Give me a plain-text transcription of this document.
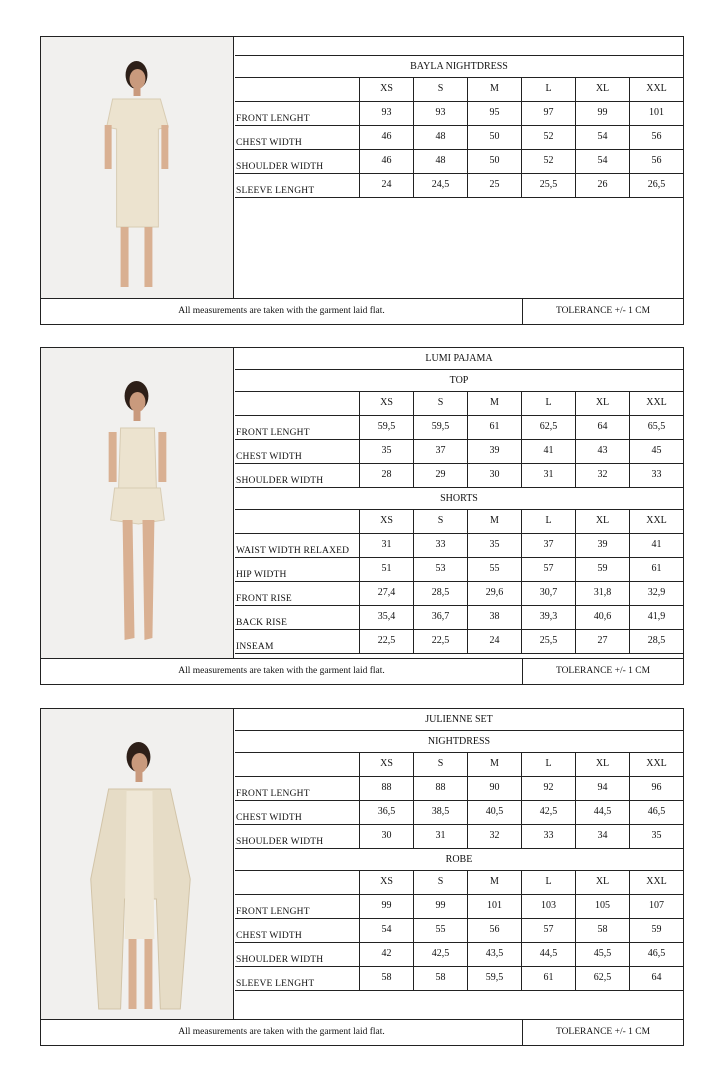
BAYLA NIGHTDRESS
XS	S	M	L	XL	XXL
FRONT LENGHT
93	93	95	97	99	101
CHEST WIDTH
46	48	50	52	54	56
SHOULDER WIDTH
46	48	50	52	54	56
SLEEVE LENGHT
24	24,5	25	25,5	26	26,5
All measurements are taken with the garment laid flat.	TOLERANCE +/- 1 CM
LUMI PAJAMA
TOP
XS	S	M	L	XL	XXL
FRONT LENGHT
59,5	59,5	61	62,5	64	65,5
CHEST WIDTH
35	37	39	41	43	45
SHOULDER WIDTH
28	29	30	31	32	33
SHORTS
XS	S	M	L	XL	XXL
WAIST WIDTH RELAXED
31	33	35	37	39	41
HIP WIDTH
51	53	55	57	59	61
FRONT RISE
27,4	28,5	29,6	30,7	31,8	32,9
BACK RISE
35,4	36,7	38	39,3	40,6	41,9
INSEAM
22,5	22,5	24	25,5	27	28,5
All measurements are taken with the garment laid flat.	TOLERANCE +/- 1 CM
JULIENNE SET
NIGHTDRESS
XS	S	M	L	XL	XXL
FRONT LENGHT
88	88	90	92	94	96
CHEST WIDTH
36,5	38,5	40,5	42,5	44,5	46,5
SHOULDER WIDTH
30	31	32	33	34	35
ROBE
XS	S	M	L	XL	XXL
FRONT LENGHT
99	99	101	103	105	107
CHEST WIDTH
54	55	56	57	58	59
SHOULDER WIDTH
42	42,5	43,5	44,5	45,5	46,5
SLEEVE LENGHT
58	58	59,5	61	62,5	64
All measurements are taken with the garment laid flat.	TOLERANCE +/- 1 CM
